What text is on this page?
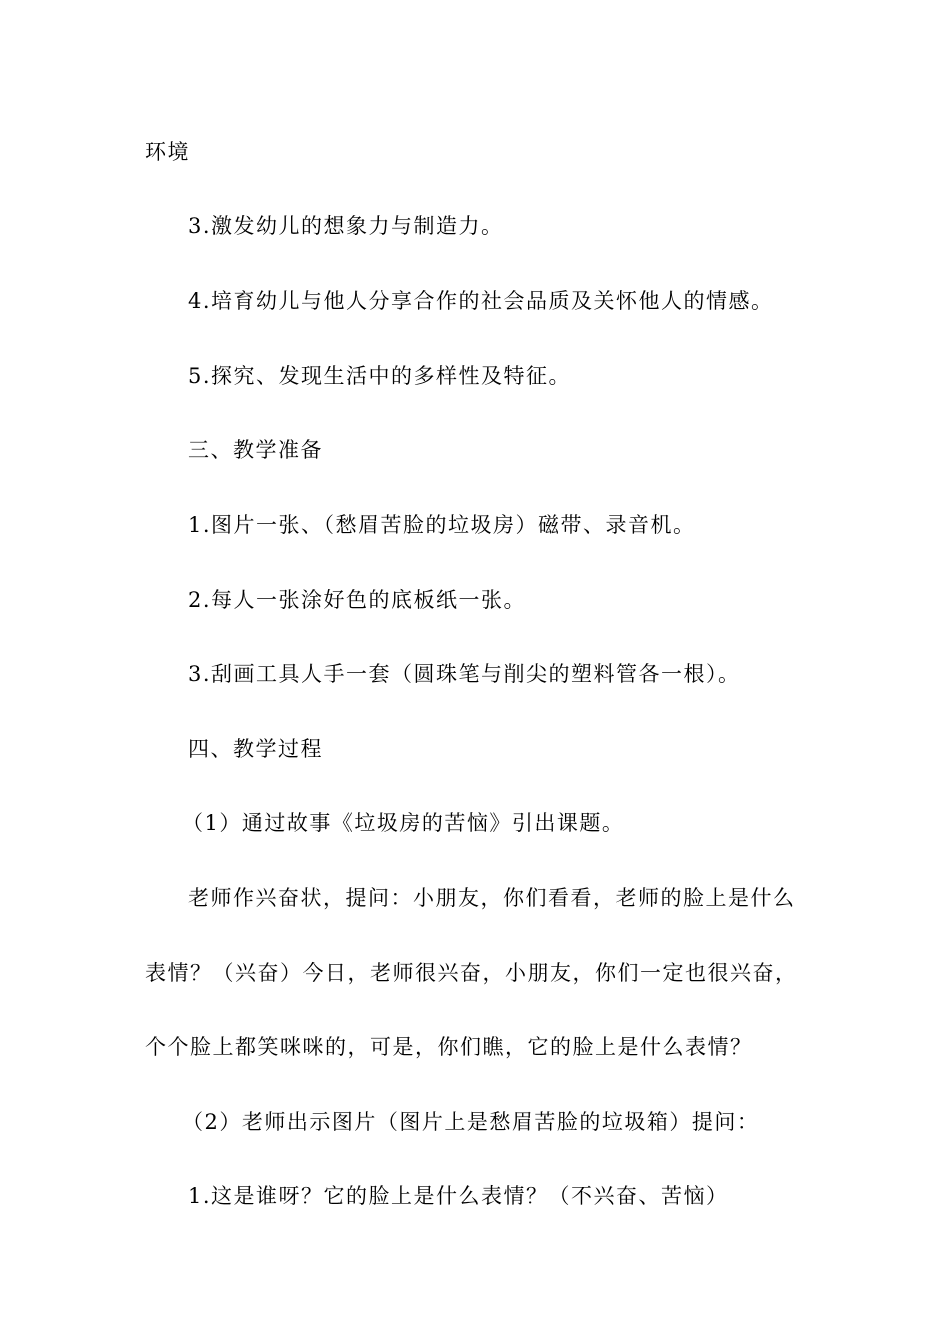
环境
3.激发幼儿的想象力与制造力。
4.培育幼儿与他人分享合作的社会品质及关怀他人的情感。
5.探究、发现生活中的多样性及特征。
三、教学准备
1.图片一张、（愁眉苦脸的垃圾房）磁带、录音机。
2.每人一张涂好色的底板纸一张。
3.刮画工具人手一套（圆珠笔与削尖的塑料管各一根）。
四、教学过程
（1）通过故事《垃圾房的苦恼》引出课题。
老师作兴奋状，提问：小朋友，你们看看，老师的脸上是什么
表情？（兴奋）今日，老师很兴奋，小朋友，你们一定也很兴奋，
个个脸上都笑咪咪的，可是，你们瞧，它的脸上是什么表情？
（2）老师出示图片（图片上是愁眉苦脸的垃圾箱）提问：
1.这是谁呀？它的脸上是什么表情？（不兴奋、苦恼）
